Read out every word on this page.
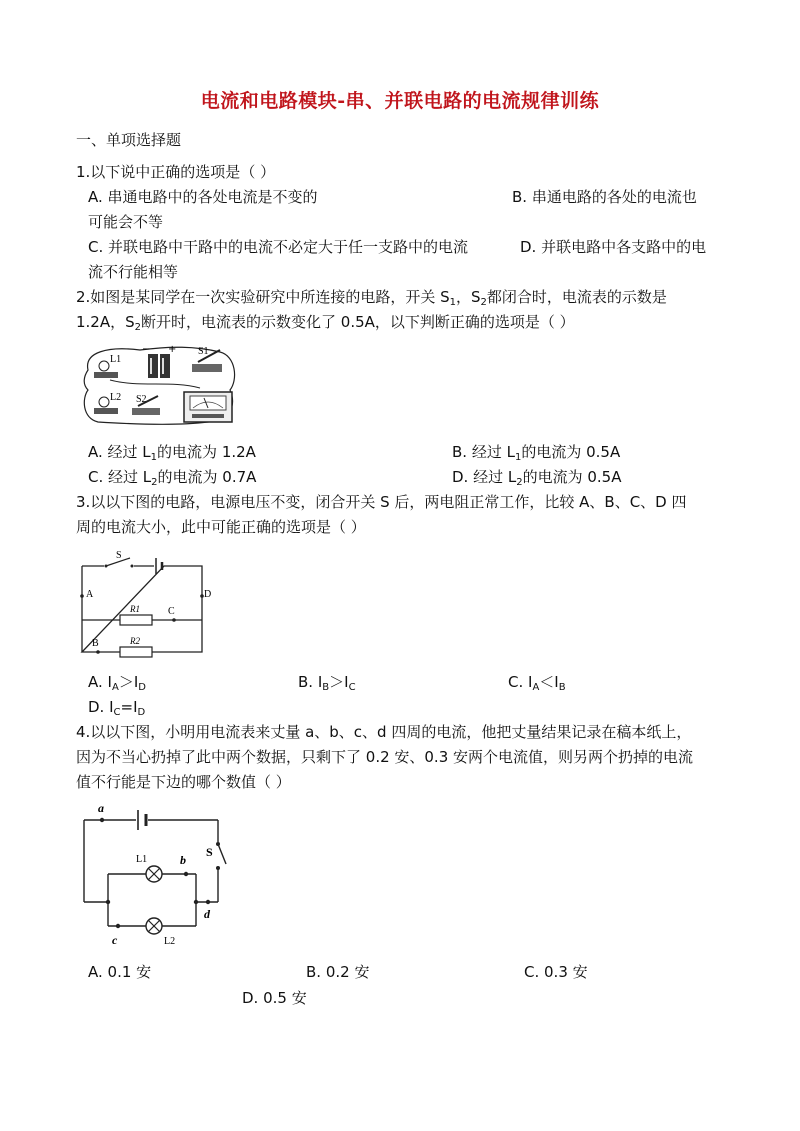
电流和电路模块-串、并联电路的电流规律训练
一、单项选择题
1.以下说中正确的选项是（ ）
A. 串通电路中的各处电流是不变的	B. 串通电路的各处的电流也
可能会不等
C. 并联电路中干路中的电流不必定大于任一支路中的电流	D. 并联电路中各支路中的电
流不行能相等
2.如图是某同学在一次实验研究中所连接的电路，开关 $S_1$，$S_2$都闭合时，电流表的示数是
1.2A，$S_2$断开时，电流表的示数变化了 0.5A，以下判断正确的选项是（ ）
L1
− + S1
L2 S2
A. 经过 $L_1$的电流为 1.2A	B. 经过 $L_1$的电流为 0.5A
C. 经过 $L_2$的电流为 0.7A	D. 经过 $L_2$的电流为 0.5A
3.以以下图的电路，电源电压不变，闭合开关 S 后，两电阻正常工作，比较 A、B、C、D 四
周的电流大小，此中可能正确的选项是（ ）
S
A	D
C
B
R1
R2
A. $I_A>I_D$	B. $I_B>I_C$	C. $I_A<I_B$
D. $I_C=I_D$
4.以以下图，小明用电流表来丈量 a、b、c、d 四周的电流，他把丈量结果记录在稿本纸上，
因为不当心扔掉了此中两个数据，只剩下了 0.2 安、0.3 安两个电流值，则另两个扔掉的电流
值不行能是下边的哪个数值（ ）
a
b
c
d
S
L1
L2
A. 0.1 安	B. 0.2 安	C. 0.3 安
D. 0.5 安
